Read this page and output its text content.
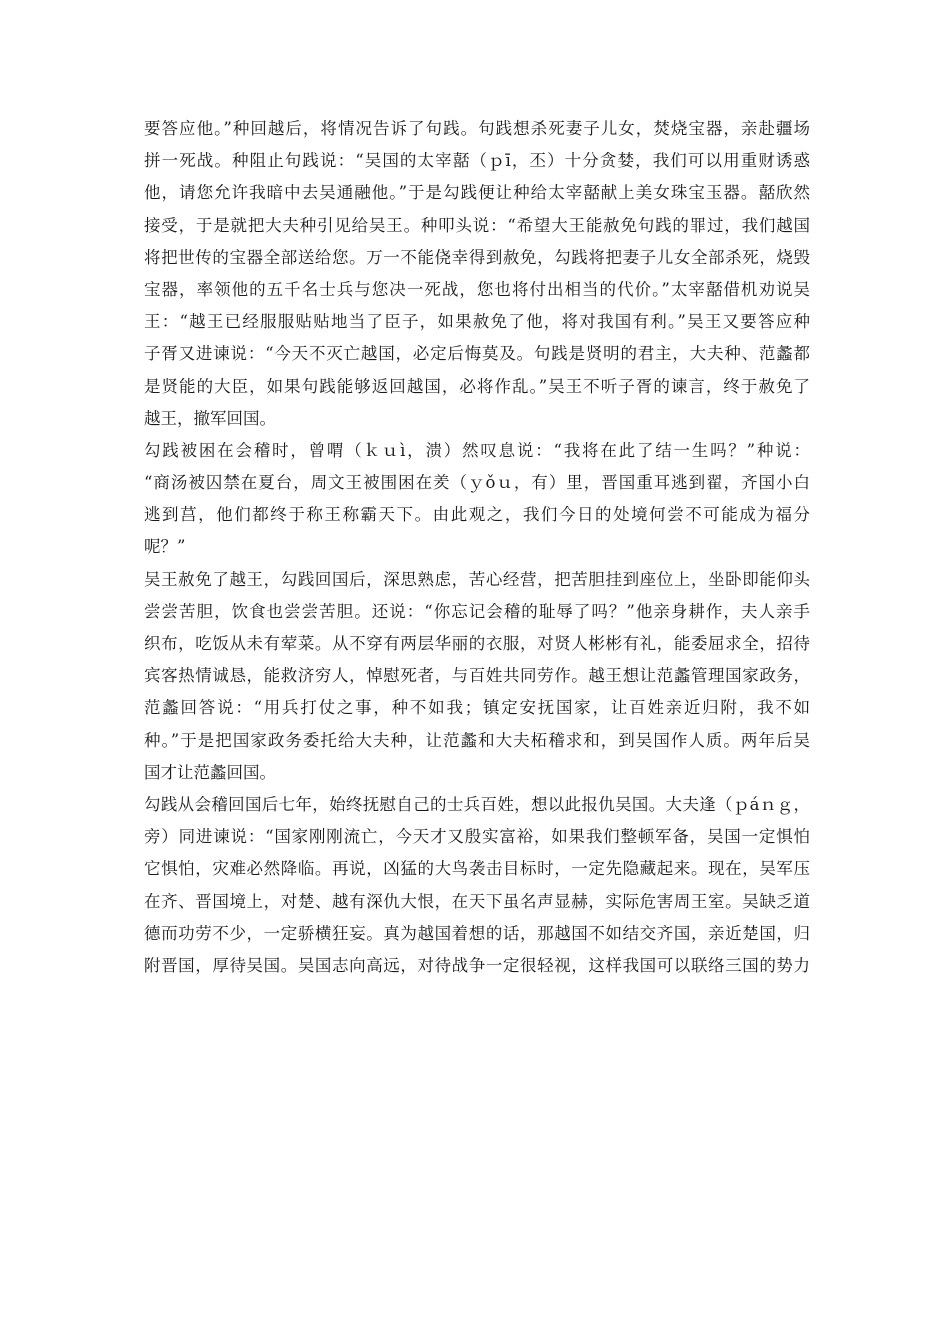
要答应他。”种回越后，将情况告诉了句践。句践想杀死妻子儿女，焚烧宝器，亲赴疆场
拼一死战。种阻止句践说：“吴国的太宰嚭（ｐī，丕）十分贪婪，我们可以用重财诱惑
他，请您允许我暗中去吴通融他。”于是勾践便让种给太宰嚭献上美女珠宝玉器。嚭欣然
接受，于是就把大夫种引见给吴王。种叩头说：“希望大王能赦免句践的罪过，我们越国
将把世传的宝器全部送给您。万一不能侥幸得到赦免，勾践将把妻子儿女全部杀死，烧毁
宝器，率领他的五千名士兵与您决一死战，您也将付出相当的代价。”太宰嚭借机劝说吴
王：“越王已经服服贴贴地当了臣子，如果赦免了他，将对我国有利。”吴王又要答应种
子胥又进谏说：“今天不灭亡越国，必定后悔莫及。句践是贤明的君主，大夫种、范蠡都
是贤能的大臣，如果句践能够返回越国，必将作乱。”吴王不听子胥的谏言，终于赦免了
越王，撤军回国。
勾践被困在会稽时，曾喟（ｋｕì，溃）然叹息说：“我将在此了结一生吗？”种说：
“商汤被囚禁在夏台，周文王被围困在羑（ｙǒｕ，有）里，晋国重耳逃到翟，齐国小白
逃到莒，他们都终于称王称霸天下。由此观之，我们今日的处境何尝不可能成为福分
呢？”
吴王赦免了越王，勾践回国后，深思熟虑，苦心经营，把苦胆挂到座位上，坐卧即能仰头
尝尝苦胆，饮食也尝尝苦胆。还说：“你忘记会稽的耻辱了吗？”他亲身耕作，夫人亲手
织布，吃饭从未有荤菜。从不穿有两层华丽的衣服，对贤人彬彬有礼，能委屈求全，招待
宾客热情诚恳，能救济穷人，悼慰死者，与百姓共同劳作。越王想让范蠡管理国家政务，
范蠡回答说：“用兵打仗之事，种不如我；镇定安抚国家，让百姓亲近归附，我不如
种。”于是把国家政务委托给大夫种，让范蠡和大夫柘稽求和，到吴国作人质。两年后吴
国才让范蠡回国。
勾践从会稽回国后七年，始终抚慰自己的士兵百姓，想以此报仇吴国。大夫逢（ｐáｎｇ，
旁）同进谏说：“国家刚刚流亡，今天才又殷实富裕，如果我们整顿军备，吴国一定惧怕
它惧怕，灾难必然降临。再说，凶猛的大鸟袭击目标时，一定先隐藏起来。现在，吴军压
在齐、晋国境上，对楚、越有深仇大恨，在天下虽名声显赫，实际危害周王室。吴缺乏道
德而功劳不少，一定骄横狂妄。真为越国着想的话，那越国不如结交齐国，亲近楚国，归
附晋国，厚待吴国。吴国志向高远，对待战争一定很轻视，这样我国可以联络三国的势力
